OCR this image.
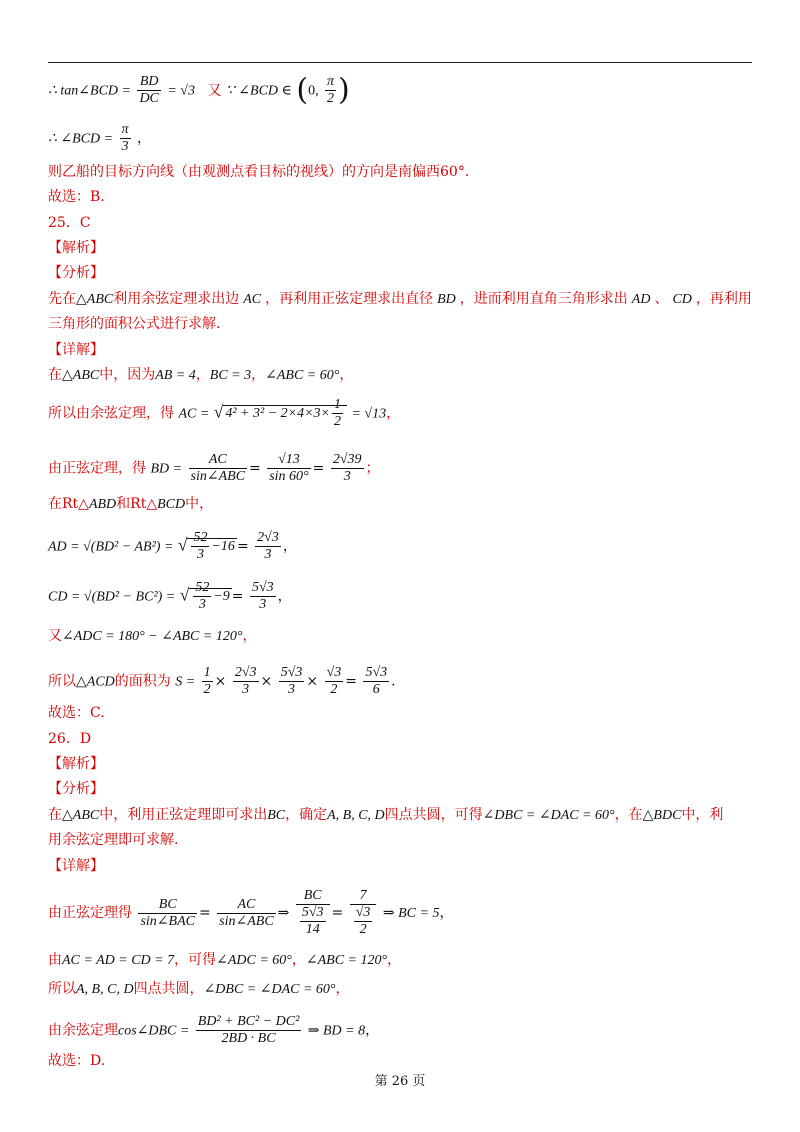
∴ tan∠BCD = $\frac{BD}{DC} = √3$ 又 ∵ ∠BCD ∈ (0, $\frac{\pi}{2}$ )
∴ ∠BCD = $\frac{\pi}{3}$ ，
则乙船的目标方向线（由观测点看目标的视线）的方向是南偏西60°.
故选：B.
25．C
【解析】
【分析】
先在△ABC利用余弦定理求出边 AC ，再利用正弦定理求出直径 BD ，进而利用直角三角形求出 AD 、 CD ，再利用
三角形的面积公式进行求解.
【详解】
在△ABC中，因为AB = 4，BC = 3，∠ABC = 60°，
所以由余弦定理，得 AC = √ $4^2 + 3^2 - 2\times 4\times 3\times \frac{1}{2} = √13$，
由正弦定理，得 BD = $\frac{AC}{\text{sin∠ABC}} = \frac{√13}{\sin 60^\circ} = \frac{2√39}{3}$ ；
在Rt△ABD和Rt△BCD中，
AD = √(BD² − AB²) = √ $\frac{52}{3} -16 = \frac{2√3}{3}$ ，
CD = √(BD² − BC²) = √ $\frac{52}{3} -9 = \frac{5√3}{3}$ ，
又∠ADC = 180° − ∠ABC = 120°，
所以△ACD的面积为 $S = \frac{1}{2} \times \frac{2√3}{3} \times \frac{5√3}{3} \times \frac{√3}{2} = \frac{5√3}{6}$ .
故选：C.
26．D
【解析】
【分析】
在△ABC中，利用正弦定理即可求出BC，确定A, B, C, D四点共圆，可得∠DBC = ∠DAC = 60°，在△BDC中，利
用余弦定理即可求解.
【详解】
由正弦定理得 $\frac{BC}{\text{sin∠BAC}} = \frac{AC}{\text{sin∠ABC}}$ ⇒ $\frac{BC}{\frac{5√3}{14}} = \frac{7}{\frac{√3}{2}}$ ⇒ BC = 5，
由AC = AD = CD = 7，可得∠ADC = 60°，∠ABC = 120°，
所以A, B, C, D四点共圆，∠DBC = ∠DAC = 60°，
由余弦定理cos∠DBC = $\frac{\text{BD² + BC² − DC²}}{2BD \cdot BC}$ ⇒ BD = 8，
故选：D.
第 26 页
